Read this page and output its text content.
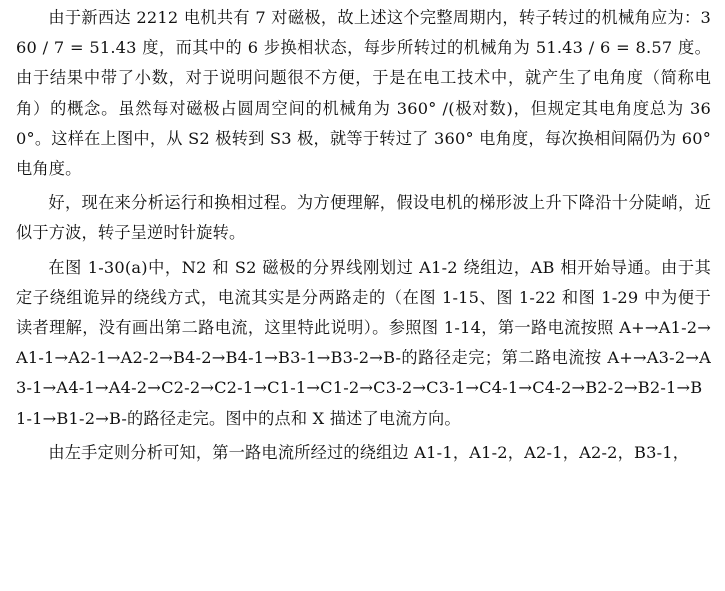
由于新西达 2212 电机共有 7 对磁极，故上述这个完整周期内，转子转过的机械角应为：360 / 7 = 51.43 度，而其中的 6 步换相状态，每步所转过的机械角为 51.43 / 6 = 8.57 度。由于结果中带了小数，对于说明问题很不方便，于是在电工技术中，就产生了电角度（简称电角）的概念。虽然每对磁极占圆周空间的机械角为 360° /(极对数)，但规定其电角度总为 360°。这样在上图中，从 S2 极转到 S3 极，就等于转过了 360° 电角度，每次换相间隔仍为 60° 电角度。

好，现在来分析运行和换相过程。为方便理解，假设电机的梯形波上升下降沿十分陡峭，近似于方波，转子呈逆时针旋转。

在图 1-30(a)中，N2 和 S2 磁极的分界线刚划过 A1-2 绕组边，AB 相开始导通。由于其定子绕组诡异的绕线方式，电流其实是分两路走的（在图 1-15、图 1-22 和图 1-29 中为便于读者理解，没有画出第二路电流，这里特此说明）。参照图 1-14，第一路电流按照 A+→A1-2→A1-1→A2-1→A2-2→B4-2→B4-1→B3-1→B3-2→B-的路径走完；第二路电流按 A+→A3-2→A3-1→A4-1→A4-2→C2-2→C2-1→C1-1→C1-2→C3-2→C3-1→C4-1→C4-2→B2-2→B2-1→B1-1→B1-2→B-的路径走完。图中的点和 X 描述了电流方向。

由左手定则分析可知，第一路电流所经过的绕组边 A1-1，A1-2，A2-1，A2-2，B3-1，
